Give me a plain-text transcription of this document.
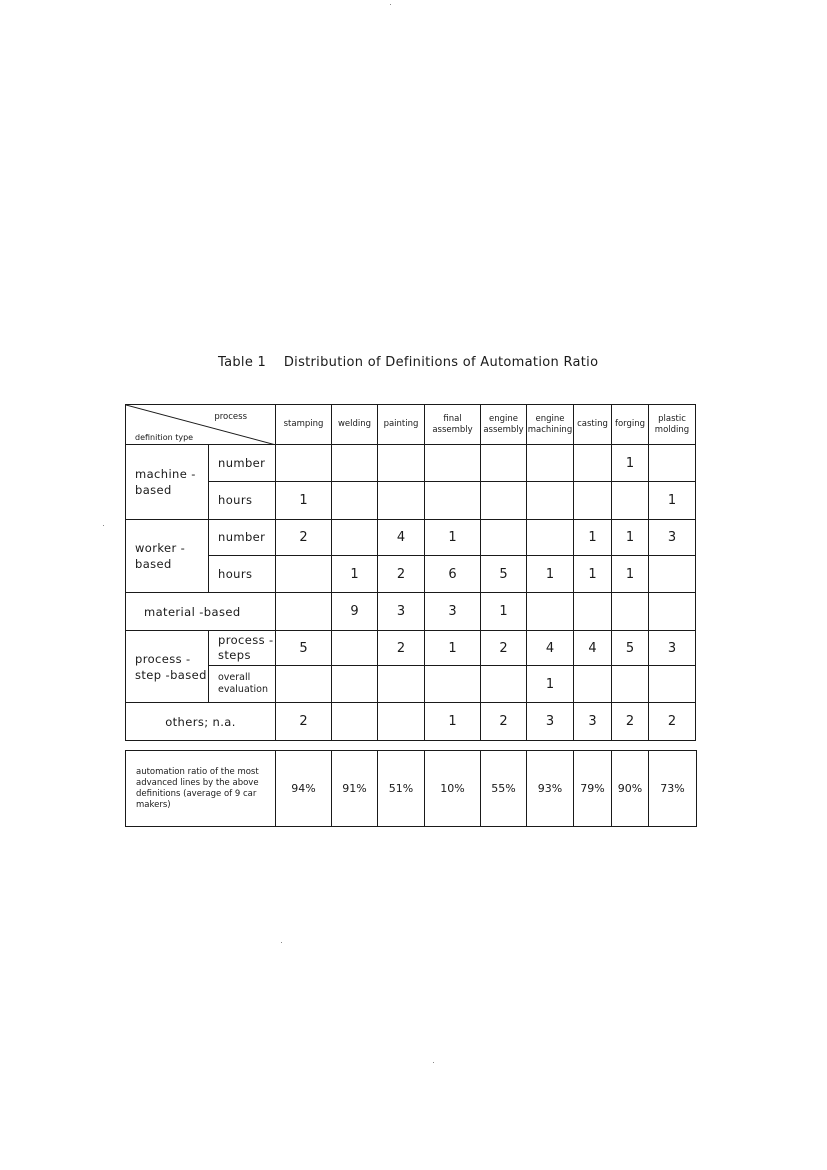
Table 1    Distribution of Definitions of Automation Ratio
process
definition type		stamping	welding	painting	final assembly	engine assembly	engine machining	casting	forging	plastic molding
machine -based	number								1	
	hours	1								1
worker -based	number	2		4	1			1	1	3
	hours		1	2	6	5	1	1	1	
material -based			9	3	3	1				
process -step -based	process -steps	5		2	1	2	4	4	5	3
	overall evaluation						1			
others; n.a.		2			1	2	3	3	2	2
automation ratio of the most advanced lines by the above definitions (average of 9 car makers)	94%	91%	51%	10%	55%	93%	79%	90%	73%
